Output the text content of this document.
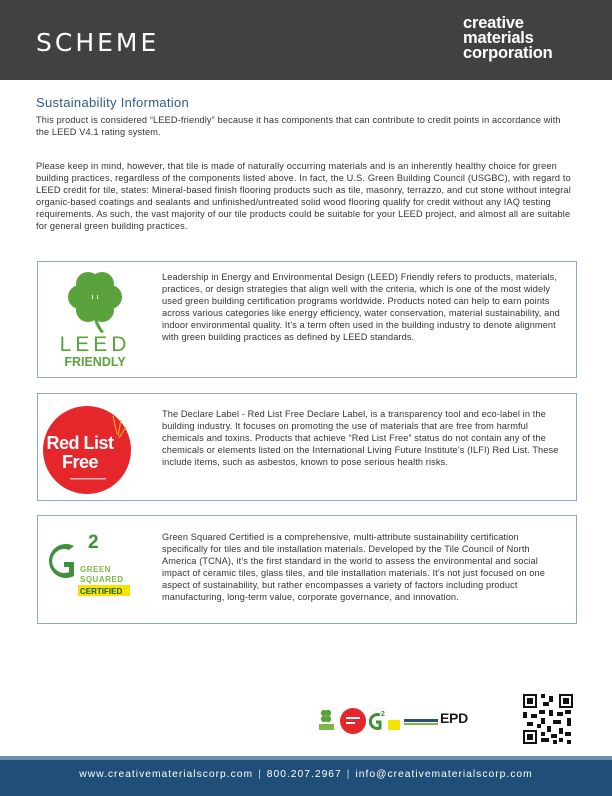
SCHEME
creative
materials
corporation
Sustainability Information
This product is considered “LEED-friendly” because it has components that can contribute to credit points in accordance with the LEED V4.1 rating system.
Please keep in mind, however, that tile is made of naturally occurring materials and is an inherently healthy choice for green building practices, regardless of the components listed above. In fact, the U.S. Green Building Council (USGBC), with regard to LEED credit for tile, states: Mineral-based finish flooring products such as tile, masonry, terrazzo, and cut stone without integral organic-based coatings and sealants and unfinished/untreated solid wood flooring qualify for credit without any IAQ testing requirements. As such, the vast majority of our tile products could be suitable for your LEED project, and almost all are suitable for general green building practices.
LEED
FRIENDLY
Leadership in Energy and Environmental Design (LEED) Friendly refers to products, materials, practices, or design strategies that align well with the criteria, which is one of the most widely used green building certification programs worldwide. Products noted can help to earn points across various categories like energy efficiency, water conservation, material sustainability, and indoor environmental quality. It’s a term often used in the building industry to denote alignment with green building practices as defined by LEED standards.
Red List
Free
The Declare Label - Red List Free Declare Label, is a transparency tool and eco-label in the building industry. It focuses on promoting the use of materials that are free from harmful chemicals and toxins. Products that achieve “Red List Free” status do not contain any of the chemicals or elements listed on the International Living Future Institute’s (ILFI) Red List. These include items, such as asbestos, known to pose serious health risks.
2
GREEN
SQUARED
CERTIFIED
Green Squared Certified is a comprehensive, multi-attribute sustainability certification specifically for tiles and tile installation materials. Developed by the Tile Council of North America (TCNA), it’s the first standard in the world to assess the environmental and social impact of ceramic tiles, glass tiles, and tile installation materials. It’s not just focused on one aspect of sustainability, but rather encompasses a variety of factors including product manufacturing, long-term value, corporate governance, and innovation.
2	EPD
www.creativematerialscorp.com | 800.207.2967 | info@creativematerialscorp.com
